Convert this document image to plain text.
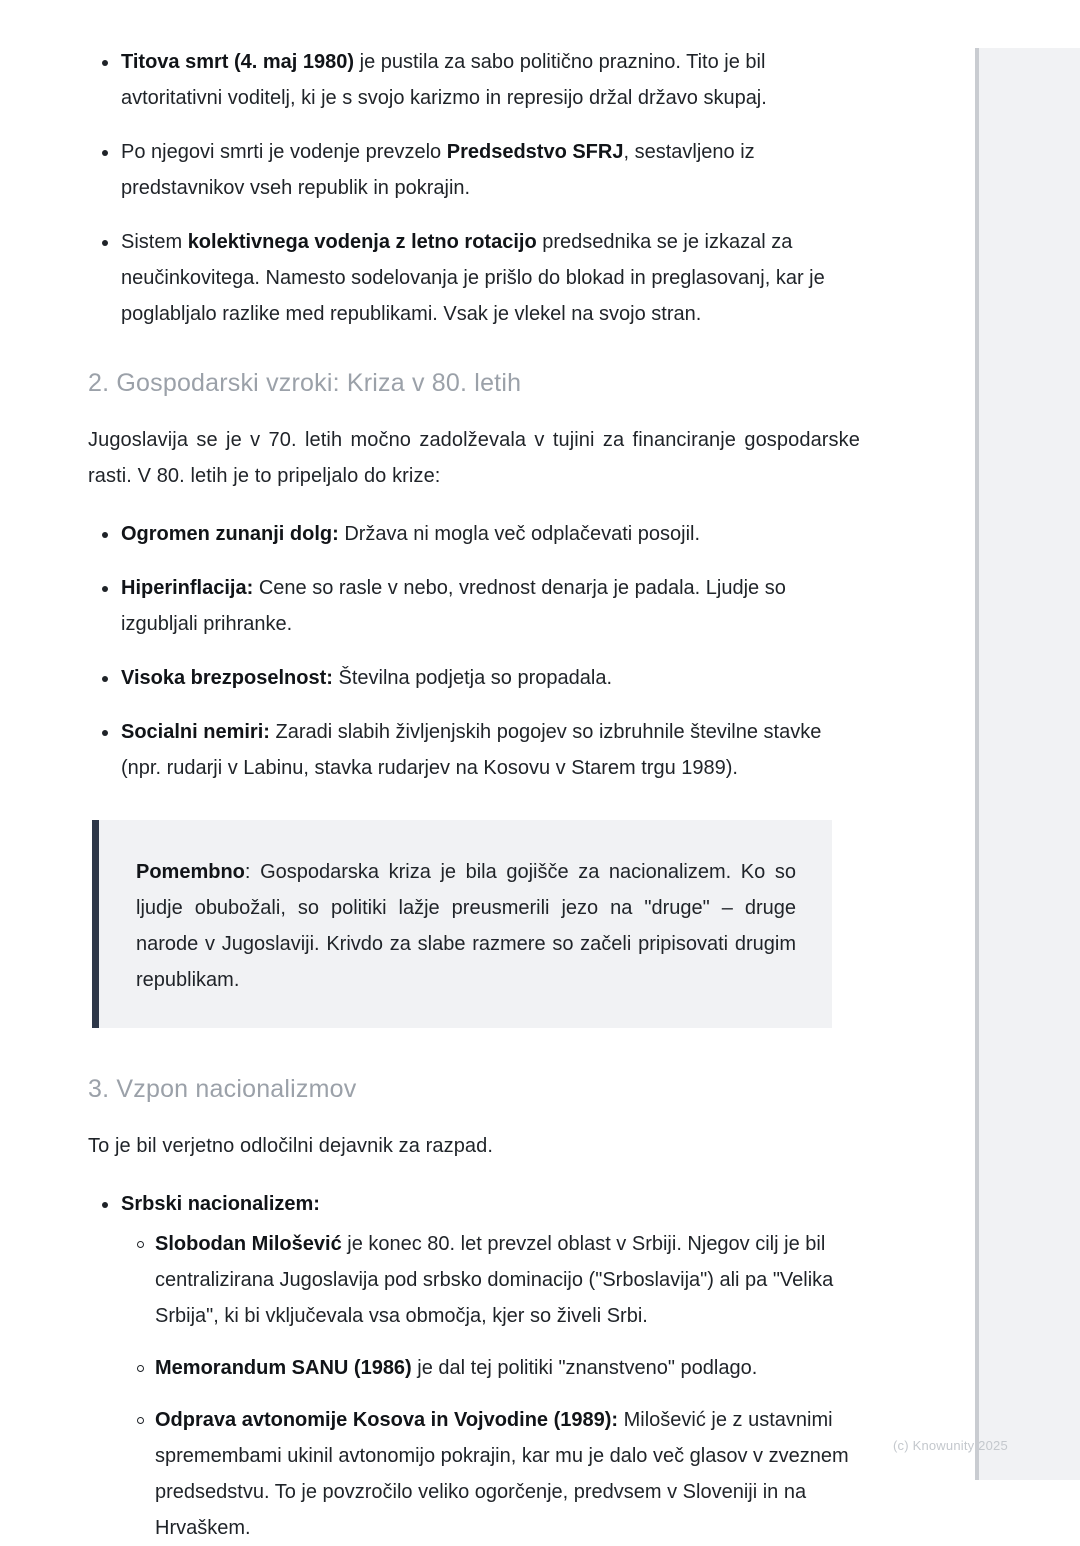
Titova smrt (4. maj 1980) je pustila za sabo politično praznino. Tito je bil avtoritativni voditelj, ki je s svojo karizmo in represijo držal državo skupaj.
Po njegovi smrti je vodenje prevzelo Predsedstvo SFRJ, sestavljeno iz predstavnikov vseh republik in pokrajin.
Sistem kolektivnega vodenja z letno rotacijo predsednika se je izkazal za neučinkovitega. Namesto sodelovanja je prišlo do blokad in preglasovanj, kar je poglabljalo razlike med republikami. Vsak je vlekel na svojo stran.
2. Gospodarski vzroki: Kriza v 80. letih

Jugoslavija se je v 70. letih močno zadolževala v tujini za financiranje gospodarske rasti. V 80. letih je to pripeljalo do krize:

Ogromen zunanji dolg: Država ni mogla več odplačevati posojil.
Hiperinflacija: Cene so rasle v nebo, vrednost denarja je padala. Ljudje so izgubljali prihranke.
Visoka brezposelnost: Številna podjetja so propadala.
Socialni nemiri: Zaradi slabih življenjskih pogojev so izbruhnile številne stavke (npr. rudarji v Labinu, stavka rudarjev na Kosovu v Starem trgu 1989).

Pomembno: Gospodarska kriza je bila gojišče za nacionalizem. Ko so ljudje obubožali, so politiki lažje preusmerili jezo na "druge" – druge narode v Jugoslaviji. Krivdo za slabe razmere so začeli pripisovati drugim republikam.

3. Vzpon nacionalizmov

To je bil verjetno odločilni dejavnik za razpad.

Srbski nacionalizem:
Slobodan Milošević je konec 80. let prevzel oblast v Srbiji. Njegov cilj je bil centralizirana Jugoslavija pod srbsko dominacijo ("Srboslavija") ali pa "Velika Srbija", ki bi vključevala vsa območja, kjer so živeli Srbi.
Memorandum SANU (1986) je dal tej politiki "znanstveno" podlago.
Odprava avtonomije Kosova in Vojvodine (1989): Milošević je z ustavnimi spremembami ukinil avtonomijo pokrajin, kar mu je dalo več glasov v zveznem predsedstvu. To je povzročilo veliko ogorčenje, predvsem v Sloveniji in na Hrvaškem.
(c) Knowunity 2025
